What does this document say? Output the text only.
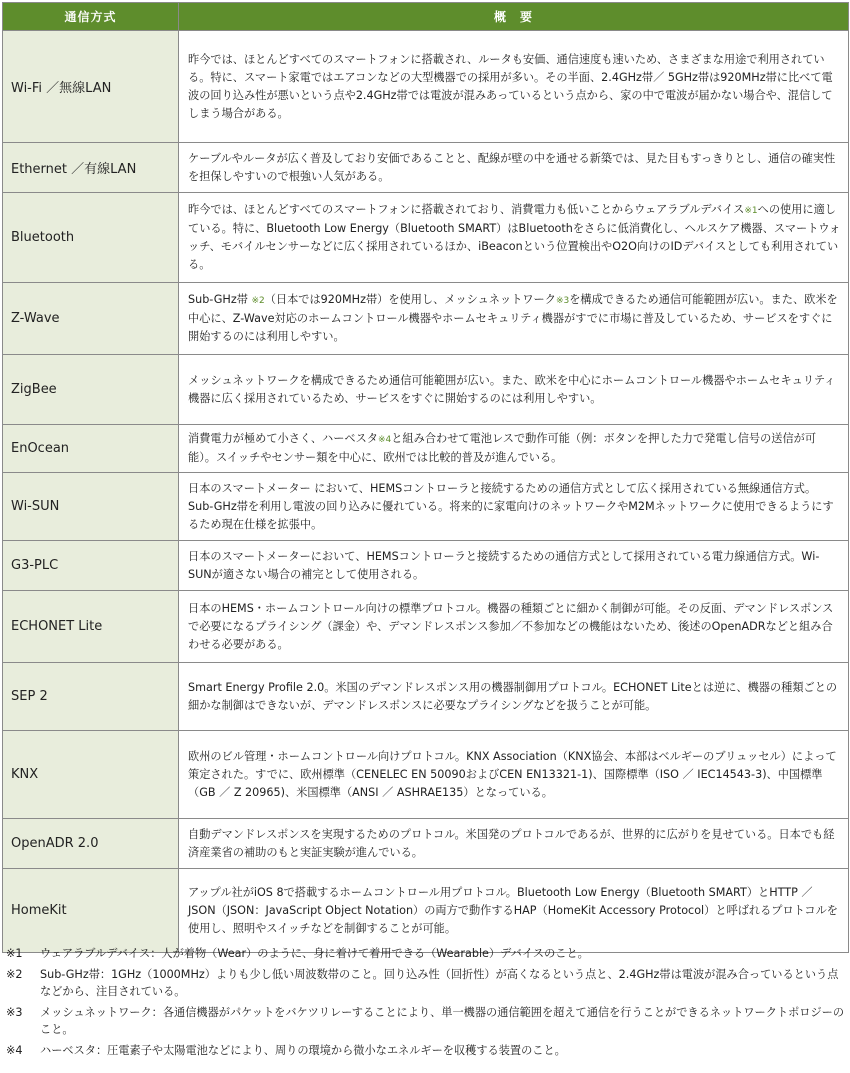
通信方式	概　要
Wi-Fi ／無線LAN	昨今では、ほとんどすべてのスマートフォンに搭載され、ルータも安価、通信速度も速いため、さまざまな用途で利用されている。特に、スマート家電ではエアコンなどの大型機器での採用が多い。その半面、2.4GHz帯／ 5GHz帯は920MHz帯に比べて電波の回り込み性が悪いという点や2.4GHz帯では電波が混みあっているという点から、家の中で電波が届かない場合や、混信してしまう場合がある。
Ethernet ／有線LAN	ケーブルやルータが広く普及しており安価であることと、配線が壁の中を通せる新築では、見た目もすっきりとし、通信の確実性を担保しやすいので根強い人気がある。
Bluetooth	昨今では、ほとんどすべてのスマートフォンに搭載されており、消費電力も低いことからウェアラブルデバイス※1への使用に適している。特に、Bluetooth Low Energy（Bluetooth SMART）はBluetoothをさらに低消費化し、ヘルスケア機器、スマートウォッチ、モバイルセンサーなどに広く採用されているほか、iBeaconという位置検出やO2O向けのIDデバイスとしても利用されている。
Z-Wave	Sub-GHz帯 ※2（日本では920MHz帯）を使用し、メッシュネットワーク※3を構成できるため通信可能範囲が広い。また、欧米を中心に、Z-Wave対応のホームコントロール機器やホームセキュリティ機器がすでに市場に普及しているため、サービスをすぐに開始するのには利用しやすい。
ZigBee	メッシュネットワークを構成できるため通信可能範囲が広い。また、欧米を中心にホームコントロール機器やホームセキュリティ機器に広く採用されているため、サービスをすぐに開始するのには利用しやすい。
EnOcean	消費電力が極めて小さく、ハーベスタ※4と組み合わせて電池レスで動作可能（例：ボタンを押した力で発電し信号の送信が可能）。スイッチやセンサー類を中心に、欧州では比較的普及が進んでいる。
Wi-SUN	日本のスマートメーター において、HEMSコントローラと接続するための通信方式として広く採用されている無線通信方式。Sub-GHz帯を利用し電波の回り込みに優れている。将来的に家電向けのネットワークやM2Mネットワークに使用できるようにするため現在仕様を拡張中。
G3-PLC	日本のスマートメーターにおいて、HEMSコントローラと接続するための通信方式として採用されている電力線通信方式。Wi-SUNが適さない場合の補完として使用される。
ECHONET Lite	日本のHEMS・ホームコントロール向けの標準プロトコル。機器の種類ごとに細かく制御が可能。その反面、デマンドレスポンスで必要になるプライシング（課金）や、デマンドレスポンス参加／不参加などの機能はないため、後述のOpenADRなどと組み合わせる必要がある。
SEP 2	Smart Energy Profile 2.0。米国のデマンドレスポンス用の機器制御用プロトコル。ECHONET Liteとは逆に、機器の種類ごとの細かな制御はできないが、デマンドレスポンスに必要なプライシングなどを扱うことが可能。
KNX	欧州のビル管理・ホームコントロール向けプロトコル。KNX Association（KNX協会、本部はベルギーのブリュッセル）によって策定された。すでに、欧州標準（CENELEC EN 50090およびCEN EN13321-1)、国際標準（ISO ／ IEC14543-3)、中国標準（GB ／ Z 20965)、米国標準（ANSI ／ ASHRAE135）となっている。
OpenADR 2.0	自動デマンドレスポンスを実現するためのプロトコル。米国発のプロトコルであるが、世界的に広がりを見せている。日本でも経済産業省の補助のもと実証実験が進んでいる。
HomeKit	アップル社がiOS 8で搭載するホームコントロール用プロトコル。Bluetooth Low Energy（Bluetooth SMART）とHTTP ／ JSON（JSON：JavaScript Object Notation）の両方で動作するHAP（HomeKit Accessory Protocol）と呼ばれるプロトコルを使用し、照明やスイッチなどを制御することが可能。
※1	ウェアラブルデバイス：人が着物（Wear）のように、身に着けて着用できる（Wearable）デバイスのこと。
※2	Sub-GHz帯：1GHz（1000MHz）よりも少し低い周波数帯のこと。回り込み性（回折性）が高くなるという点と、2.4GHz帯は電波が混み合っているという点などから、注目されている。
※3	メッシュネットワーク：各通信機器がパケットをバケツリレーすることにより、単一機器の通信範囲を超えて通信を行うことができるネットワークトポロジーのこと。
※4	ハーベスタ：圧電素子や太陽電池などにより、周りの環境から微小なエネルギーを収穫する装置のこと。
